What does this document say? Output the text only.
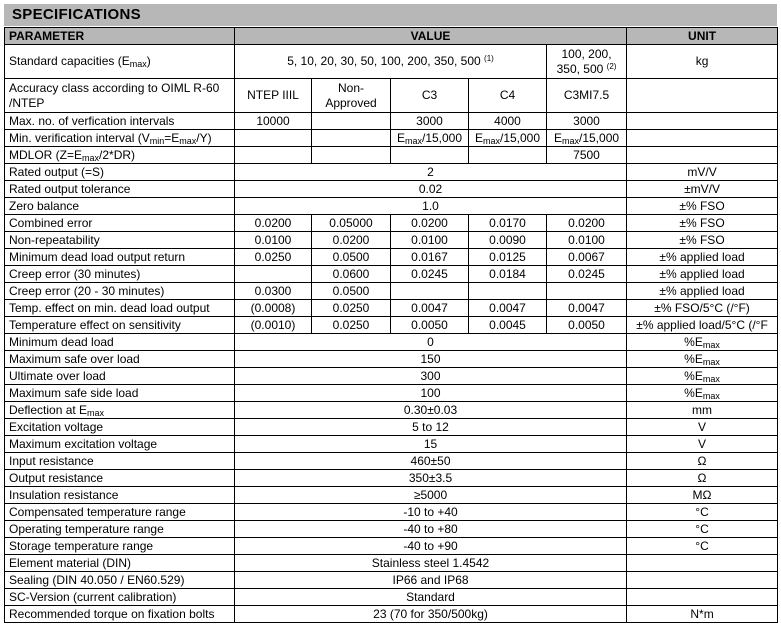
SPECIFICATIONS
PARAMETER	VALUE					UNIT
Standard capacities $(E_{max})$	5, 10, 20, 30, 50, 100, 200, 350, 500 $^{(1)}$				100, 200, 350, 500 $^{(2)}$	kg
Accuracy class according to OIML R-60 /NTEP	NTEP IIIL	Non-Approved	C3	C4	C3MI7.5	
Max. no. of verfication intervals	10000		3000	4000	3000	
Min. verification interval $(V_{min}=E_{max}/Y)$			$E_{max}/15,000$	$E_{max}/15,000$	$E_{max}/15,000$	
MDLOR $(Z=E_{max}/2*DR)$					7500	
Rated output (=S)	2					mV/V
Rated output tolerance	0.02					±mV/V
Zero balance	1.0					±% FSO
Combined error	0.0200	0.05000	0.0200	0.0170	0.0200	±% FSO
Non-repeatability	0.0100	0.0200	0.0100	0.0090	0.0100	±% FSO
Minimum dead load output return	0.0250	0.0500	0.0167	0.0125	0.0067	±% applied load
Creep error (30 minutes)		0.0600	0.0245	0.0184	0.0245	±% applied load
Creep error (20 - 30 minutes)	0.0300	0.0500				±% applied load
Temp. effect on min. dead load output	(0.0008)	0.0250	0.0047	0.0047	0.0047	±% FSO/5°C (/°F)
Temperature effect on sensitivity	(0.0010)	0.0250	0.0050	0.0045	0.0050	±% applied load/5°C (/°F
Minimum dead load	0					$\%E_{max}$
Maximum safe over load	150					$\%E_{max}$
Ultimate over load	300					$\%E_{max}$
Maximum safe side load	100					$\%E_{max}$
Deflection at $E_{max}$	0.30±0.03					mm
Excitation voltage	5 to 12					V
Maximum excitation voltage	15					V
Input resistance	460±50					Ω
Output resistance	350±3.5					Ω
Insulation resistance	≥5000					MΩ
Compensated temperature range	-10 to +40					°C
Operating temperature range	-40 to +80					°C
Storage temperature range	-40 to +90					°C
Element material (DIN)	Stainless steel 1.4542					
Sealing (DIN 40.050 / EN60.529)	IP66 and IP68					
SC-Version (current calibration)	Standard					
Recommended torque on fixation bolts	23 (70 for 350/500kg)					N*m
